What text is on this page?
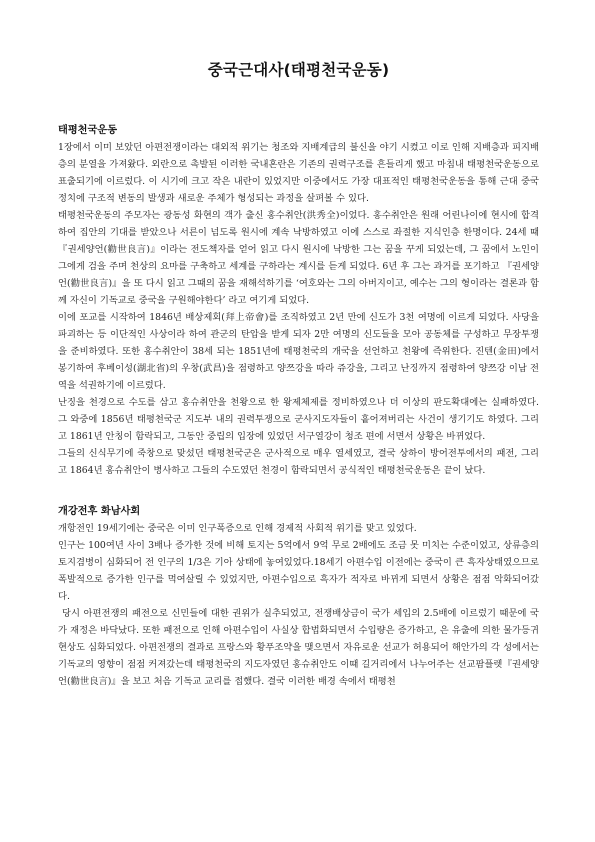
중국근대사(태평천국운동)
태평천국운동

1장에서 이미 보았던 아편전쟁이라는 대외적 위기는 청조와 지배계급의 불신을 야기 시켰고 이로 인해 지배층과 피지배층의 분열을 가져왔다. 외란으로 촉발된 이러한 국내혼란은 기존의 권력구조를 흔들리게 했고 마침내 태평천국운동으로 표출되기에 이르렀다. 이 시기에 크고 작은 내란이 있었지만 이중에서도 가장 대표적인 태평천국운동을 통해 근대 중국 정치에 구조적 변동의 발생과 새로운 주체가 형성되는 과정을 살펴볼 수 있다.

태평천국운동의 주모자는 광동성 화현의 객가 출신 홍수취안(洪秀全)이었다. 홍수취안은 원래 어린나이에 현시에 합격하여 집안의 기대를 받았으나 서른이 넘도록 원시에 계속 낙방하였고 이에 스스로 좌절한 지식인층 한명이다. 24세 때 『권세양언(勸世良言)』이라는 전도책자를 얻어 읽고 다시 원시에 낙방한 그는 꿈을 꾸게 되었는데, 그 꿈에서 노인이 그에게 검을 주며 천상의 요마를 구축하고 세계를 구하라는 계시를 듣게 되었다. 6년 후 그는 과거를 포기하고 『권세양언(勸世良言)』을 또 다시 읽고 그때의 꿈을 재해석하기를 ‘여호와는 그의 아버지이고, 예수는 그의 형이라는 결론과 함께 자신이 기독교로 중국을 구원해야한다’ 라고 여기게 되었다.

이에 포교를 시작하여 1846년 배상제회(拜上帝會)를 조직하였고 2년 만에 신도가 3천 여명에 이르게 되었다. 사당을 파괴하는 등 이단적인 사상이라 하여 관군의 탄압을 받게 되자 2만 여명의 신도들을 모아 공동체를 구성하고 무장투쟁을 준비하였다. 또한 홍수취안이 38세 되는 1851년에 태평천국의 개국을 선언하고 천왕에 즉위한다. 진텐(金田)에서 봉기하여 후베이성(湖北省)의 우창(武昌)을 점령하고 양쯔강을 따라 쥬강을, 그리고 난징까지 점령하여 양쯔강 이남 전역을 석권하기에 이르렀다.

난징을 천경으로 수도를 삼고 홍슈취안을 천왕으로 한 왕제체제를 정비하였으나 더 이상의 판도확대에는 실패하였다. 그 와중에 1856년 태평천국군 지도부 내의 권력투쟁으로 군사지도자들이 흩어져버리는 사건이 생기기도 하였다. 그리고 1861년 안칭이 함락되고, 그동안 중립의 입장에 있었던 서구열강이 청조 편에 서면서 상황은 바뀌었다.

그들의 신식무기에 죽창으로 맞섰던 태평천국군은 군사적으로 매우 열세였고, 결국 상하이 방어전투에서의 패전, 그리고 1864년 홍슈취안이 병사하고 그들의 수도였던 천경이 함락되면서 공식적인 태평천국운동은 끝이 났다.

개강전후 화남사회

개항전인 19세기에는 중국은 이미 인구폭증으로 인해 경제적 사회적 위기를 맞고 있었다.

인구는 100여년 사이 3배나 증가한 것에 비해 토지는 5억에서 9억 무로 2배에도 조금 못 미치는 수준이었고, 상류층의 토지겸병이 심화되어 전 인구의 1/3은 기아 상태에 놓여있었다.18세기 아편수입 이전에는 중국이 큰 흑자상태였으므로 폭발적으로 증가한 인구를 먹여살릴 수 있었지만, 아편수입으로 흑자가 적자로 바뀌게 되면서 상황은 점점 악화되어갔다.

당시 아편전쟁의 패전으로 신민들에 대한 권위가 실추되었고, 전쟁배상금이 국가 세입의 2.5배에 이르렀기 때문에 국가 재정은 바닥났다. 또한 패전으로 인해 아편수입이 사실상 합법화되면서 수입량은 증가하고, 은 유출에 의한 물가등귀현상도 심화되었다. 아편전쟁의 결과로 프랑스와 황푸조약을 맺으면서 자유로운 선교가 허용되어 해안가의 각 성에서는 기독교의 영향이 점점 커져갔는데 태평천국의 지도자였던 홍슈취안도 이때 길거리에서 나누어주는 선교팜플렛『권세양언(勸世良言)』을 보고 처음 기독교 교리를 접했다. 결국 이러한 배경 속에서 태평천
